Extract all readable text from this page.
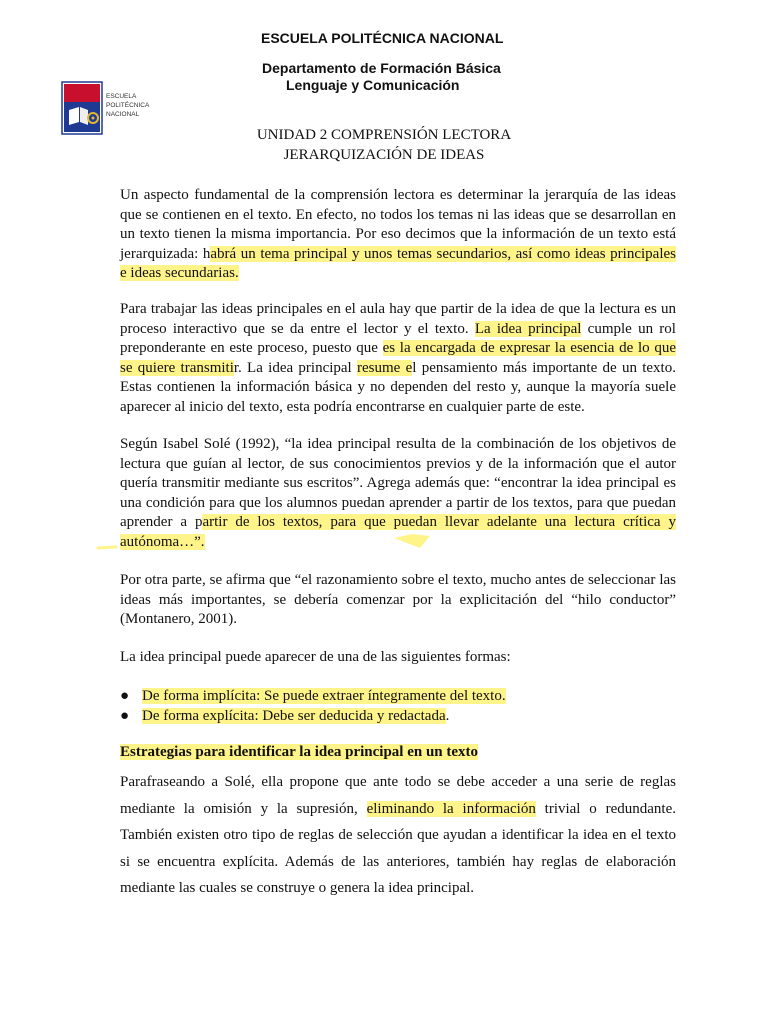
ESCUELA POLITÉCNICA NACIONAL
Departamento de Formación Básica
Lenguaje y Comunicación
ESCUELA
POLITÉCNICA
NACIONAL
UNIDAD 2 COMPRENSIÓN LECTORA
JERARQUIZACIÓN DE IDEAS
Un aspecto fundamental de la comprensión lectora es determinar la jerarquía de las ideas que se contienen en el texto. En efecto, no todos los temas ni las ideas que se desarrollan en un texto tienen la misma importancia. Por eso decimos que la información de un texto está jerarquizada: habrá un tema principal y unos temas secundarios, así como ideas principales e ideas secundarias.
Para trabajar las ideas principales en el aula hay que partir de la idea de que la lectura es un proceso interactivo que se da entre el lector y el texto. La idea principal cumple un rol preponderante en este proceso, puesto que es la encargada de expresar la esencia de lo que se quiere transmitir. La idea principal resume el pensamiento más importante de un texto. Estas contienen la información básica y no dependen del resto y, aunque la mayoría suele aparecer al inicio del texto, esta podría encontrarse en cualquier parte de este.
Según Isabel Solé (1992), “la idea principal resulta de la combinación de los objetivos de lectura que guían al lector, de sus conocimientos previos y de la información que el autor quería transmitir mediante sus escritos”. Agrega además que: “encontrar la idea principal es una condición para que los alumnos puedan aprender a partir de los textos, para que puedan aprender a partir de los textos, para que puedan llevar adelante una lectura crítica y autónoma…”.
Por otra parte, se afirma que “el razonamiento sobre el texto, mucho antes de seleccionar las ideas más importantes, se debería comenzar por la explicitación del “hilo conductor” (Montanero, 2001).
La idea principal puede aparecer de una de las siguientes formas:
● De forma implícita: Se puede extraer íntegramente del texto.
● De forma explícita: Debe ser deducida y redactada.
Estrategias para identificar la idea principal en un texto
Parafraseando a Solé, ella propone que ante todo se debe acceder a una serie de reglas mediante la omisión y la supresión, eliminando la información trivial o redundante. También existen otro tipo de reglas de selección que ayudan a identificar la idea en el texto si se encuentra explícita. Además de las anteriores, también hay reglas de elaboración mediante las cuales se construye o genera la idea principal.
